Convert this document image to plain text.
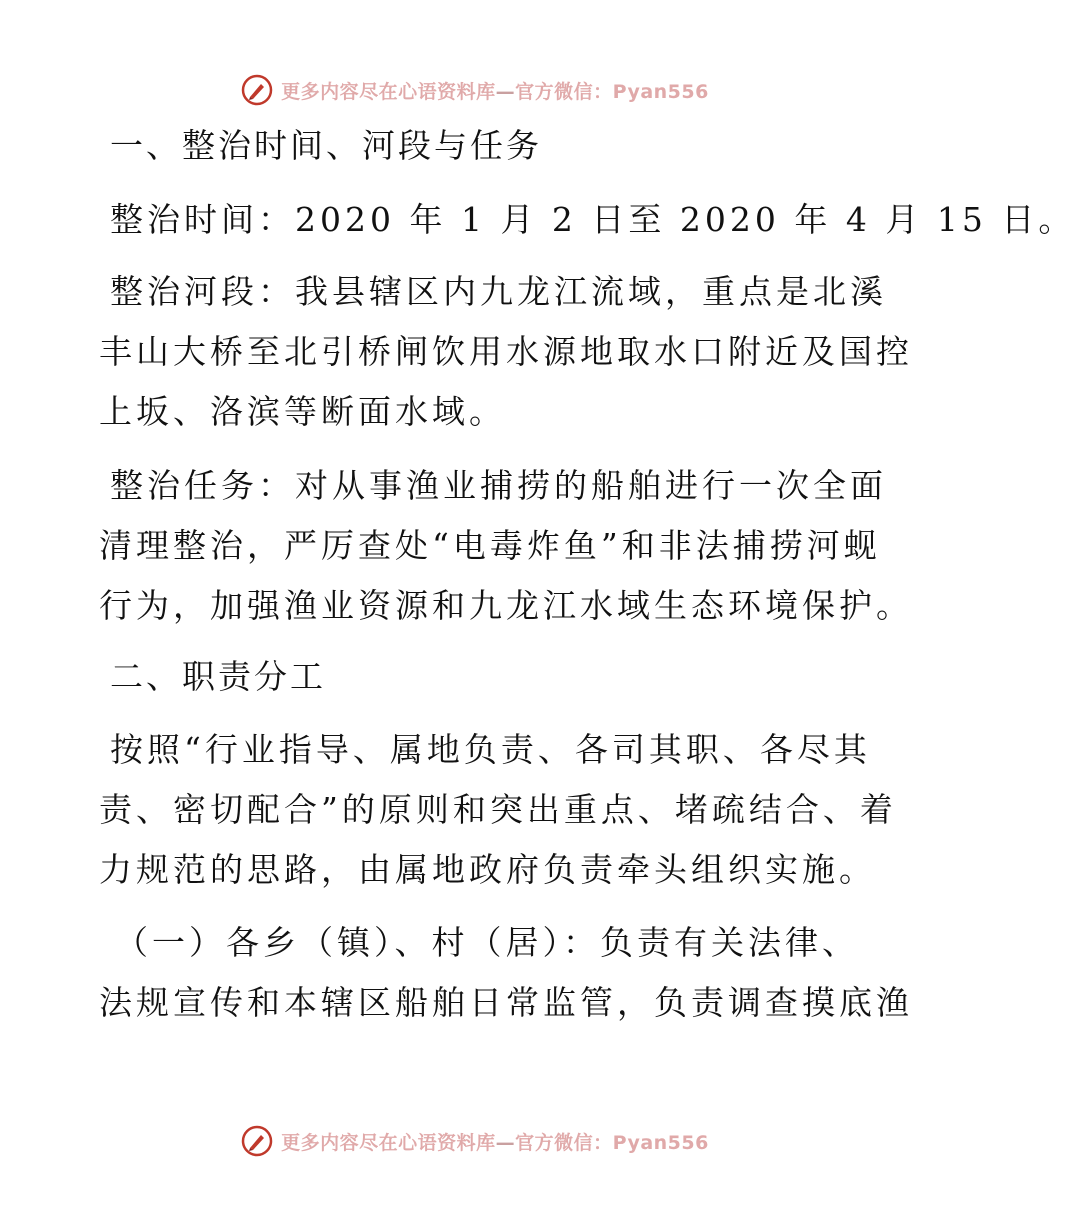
更多内容尽在心语资料库—官方微信：Pyan556
一、整治时间、河段与任务
整治时间：2020 年 1 月 2 日至 2020 年 4 月 15 日。
整治河段：我县辖区内九龙江流域，重点是北溪
丰山大桥至北引桥闸饮用水源地取水口附近及国控
上坂、洛滨等断面水域。
整治任务：对从事渔业捕捞的船舶进行一次全面
清理整治，严厉查处“电毒炸鱼”和非法捕捞河蚬
行为，加强渔业资源和九龙江水域生态环境保护。
二、职责分工
按照“行业指导、属地负责、各司其职、各尽其
责、密切配合”的原则和突出重点、堵疏结合、着
力规范的思路，由属地政府负责牵头组织实施。
（一）各乡（镇）、村（居）：负责有关法律、
法规宣传和本辖区船舶日常监管，负责调查摸底渔
更多内容尽在心语资料库—官方微信：Pyan556
